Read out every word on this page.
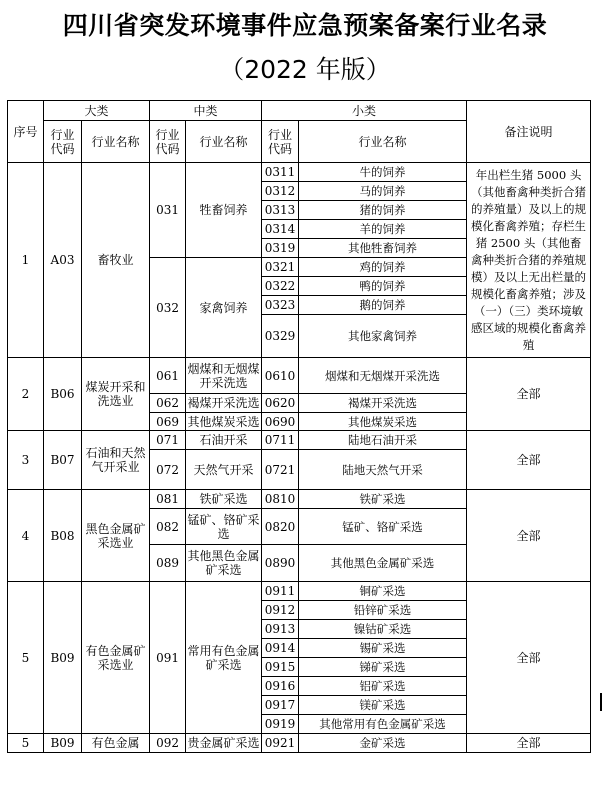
四川省突发环境事件应急预案备案行业名录
（2022 年版）
序号	大类		中类		小类		备注说明
	行业代码	行业名称	行业代码	行业名称	行业代码	行业名称	
1	A03	畜牧业	031	牲畜饲养	0311	牛的饲养	年出栏生猪 5000 头（其他畜禽种类折合猪的养殖量）及以上的规模化畜禽养殖；存栏生猪 2500 头（其他畜禽种类折合猪的养殖规模）及以上无出栏量的规模化畜禽养殖；涉及（一）（三）类环境敏感区域的规模化畜禽养殖
					0312	马的饲养	
					0313	猪的饲养	
					0314	羊的饲养	
					0319	其他牲畜饲养	
			032	家禽饲养	0321	鸡的饲养	
					0322	鸭的饲养	
					0323	鹅的饲养	
					0329	其他家禽饲养	
2	B06	煤炭开采和洗选业	061	烟煤和无烟煤开采洗选	0610	烟煤和无烟煤开采洗选	全部
			062	褐煤开采洗选	0620	褐煤开采洗选	
			069	其他煤炭采选	0690	其他煤炭采选	
3	B07	石油和天然气开采业	071	石油开采	0711	陆地石油开采	全部
			072	天然气开采	0721	陆地天然气开采	
4	B08	黑色金属矿采选业	081	铁矿采选	0810	铁矿采选	全部
			082	锰矿、铬矿采选	0820	锰矿、铬矿采选	
			089	其他黑色金属矿采选	0890	其他黑色金属矿采选	
5	B09	有色金属矿采选业	091	常用有色金属矿采选	0911	铜矿采选	全部
					0912	铅锌矿采选	
					0913	镍钴矿采选	
					0914	锡矿采选	
					0915	锑矿采选	
					0916	铝矿采选	
					0917	镁矿采选	
					0919	其他常用有色金属矿采选	
5	B09	有色金属	092	贵金属矿采选	0921	金矿采选	全部
